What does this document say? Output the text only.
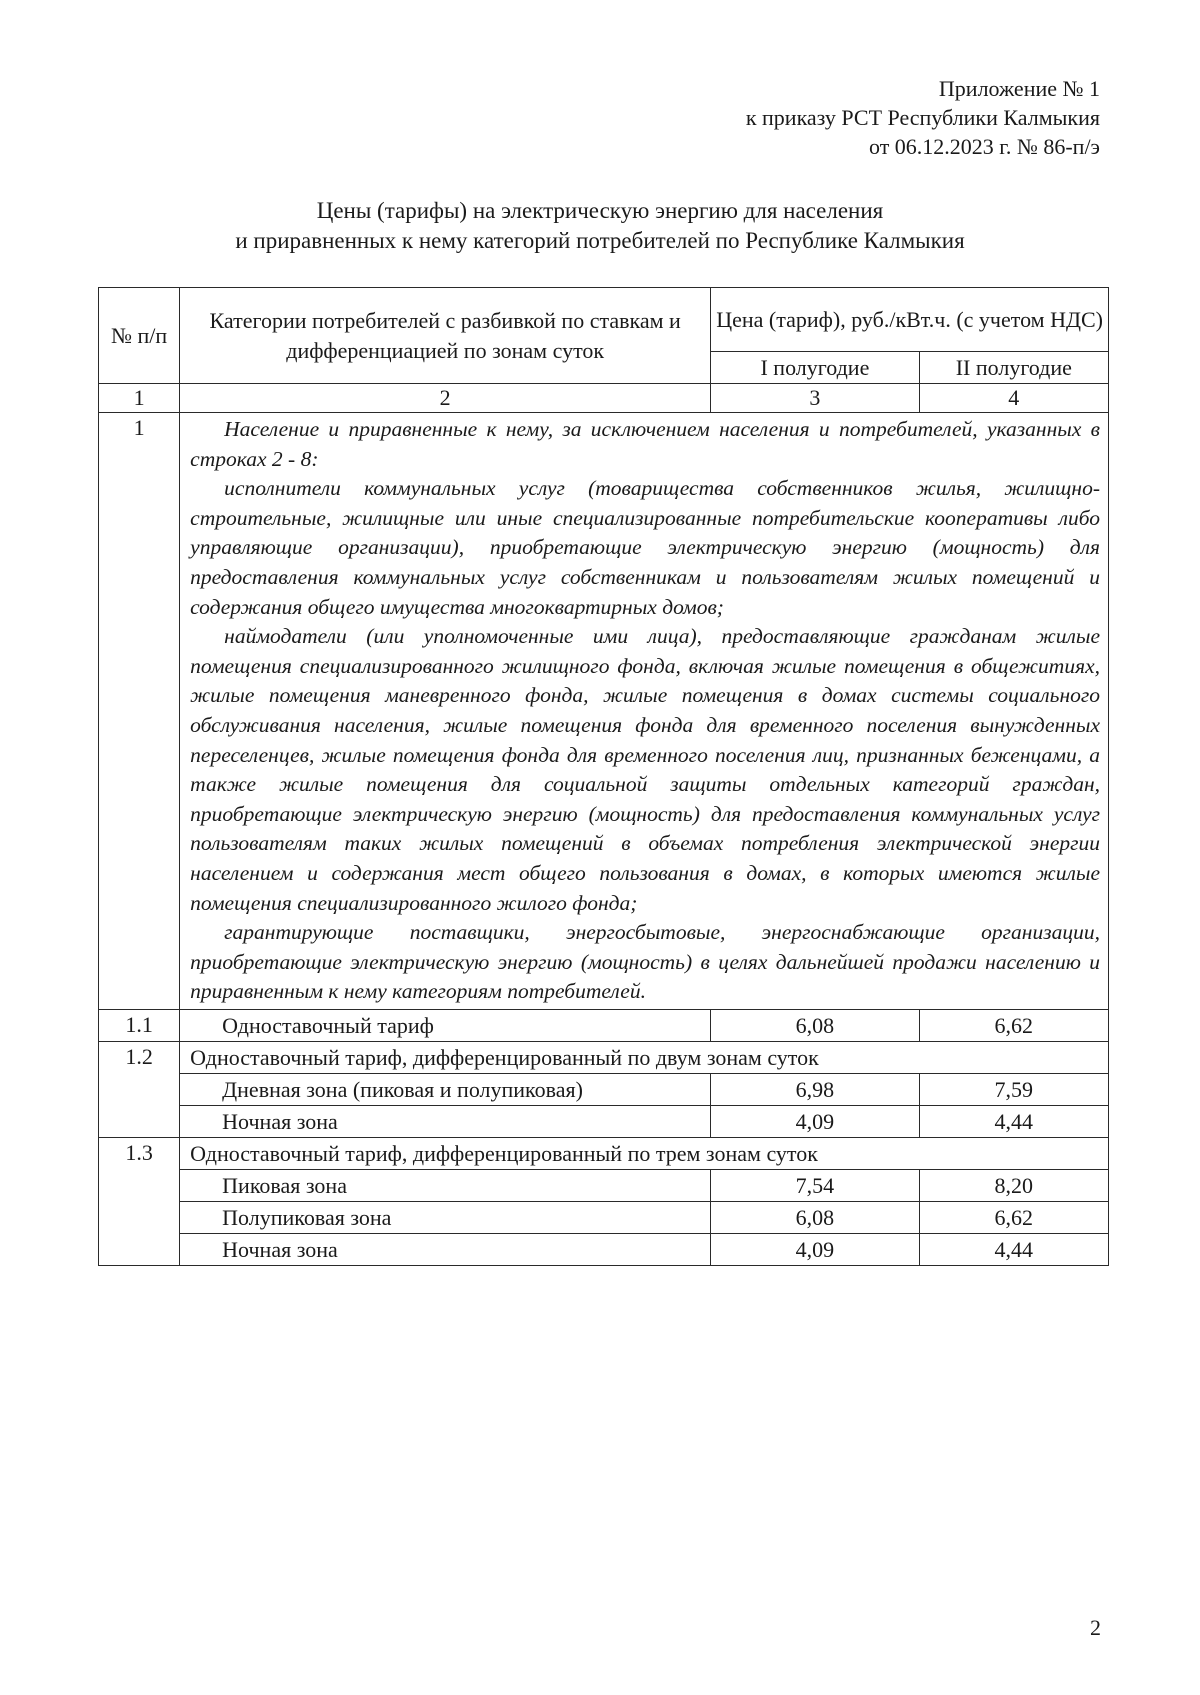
Приложение № 1
к приказу РСТ Республики Калмыкия
от 06.12.2023 г. № 86-п/э
Цены (тарифы) на электрическую энергию для населения
и приравненных к нему категорий потребителей по Республике Калмыкия
№ п/п	Категории потребителей с разбивкой по ставкам и дифференциацией по зонам суток	Цена (тариф), руб./кВт.ч. (с учетом НДС)	
		I полугодие	II полугодие
1	2	3	4
1	Население и приравненные к нему, за исключением населения и потребителей, указанных в строках 2 - 8:

исполнители коммунальных услуг (товарищества собственников жилья, жилищно-строительные, жилищные или иные специализированные потребительские кооперативы либо управляющие организации), приобретающие электрическую энергию (мощность) для предоставления коммунальных услуг собственникам и пользователям жилых помещений и содержания общего имущества многоквартирных домов;

наймодатели (или уполномоченные ими лица), предоставляющие гражданам жилые помещения специализированного жилищного фонда, включая жилые помещения в общежитиях, жилые помещения маневренного фонда, жилые помещения в домах системы социального обслуживания населения, жилые помещения фонда для временного поселения вынужденных переселенцев, жилые помещения фонда для временного поселения лиц, признанных беженцами, а также жилые помещения для социальной защиты отдельных категорий граждан, приобретающие электрическую энергию (мощность) для предоставления коммунальных услуг пользователям таких жилых помещений в объемах потребления электрической энергии населением и содержания мест общего пользования в домах, в которых имеются жилые помещения специализированного жилого фонда;

гарантирующие поставщики, энергосбытовые, энергоснабжающие организации, приобретающие электрическую энергию (мощность) в целях дальнейшей продажи населению и приравненным к нему категориям потребителей.		

1.1	Одноставочный тариф	6,08	6,62
1.2	Одноставочный тариф, дифференцированный по двум зонам суток		
	Дневная зона (пиковая и полупиковая)	6,98	7,59
	Ночная зона	4,09	4,44
1.3	Одноставочный тариф, дифференцированный по трем зонам суток		
	Пиковая зона	7,54	8,20
	Полупиковая зона	6,08	6,62
	Ночная зона	4,09	4,44
2
